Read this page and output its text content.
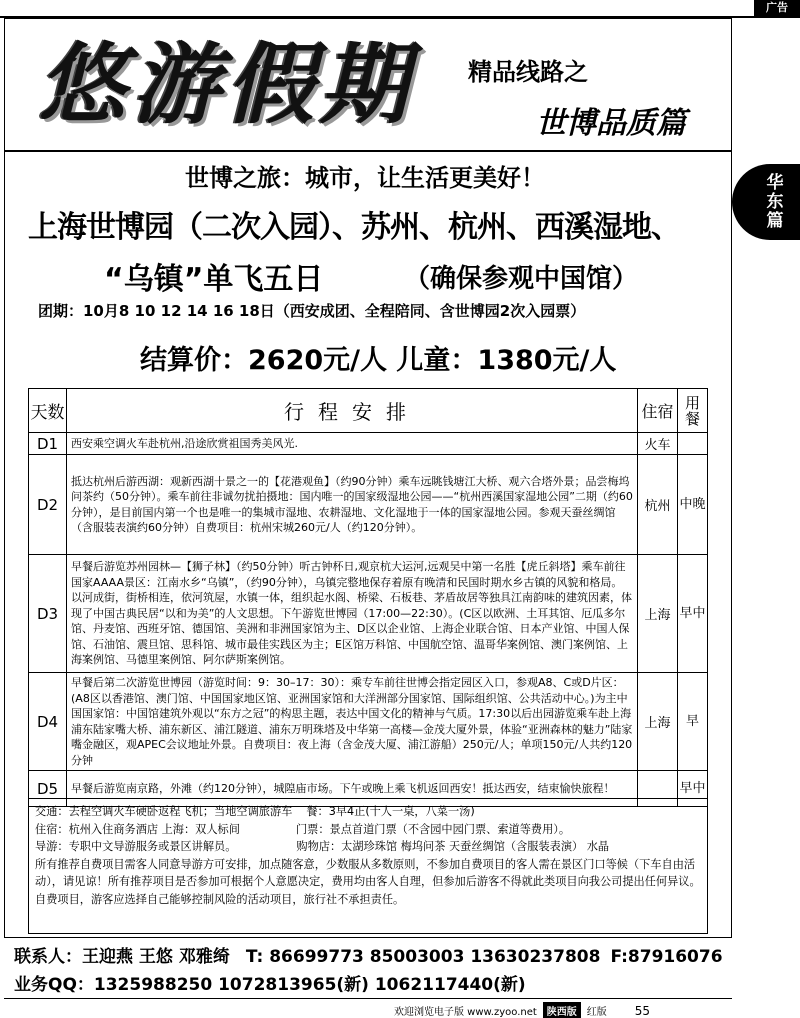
广告
悠游假期	精品线路之
世博品质篇
华
东
篇
世博之旅：城市，让生活更美好！
上海世博园（二次入园）、苏州、杭州、西溪湿地、
“乌镇”单飞五日	（确保参观中国馆）
团期：10月8 10 12 14 16 18日（西安成团、全程陪同、含世博园2次入园票）
结算价：2620元/人 儿童：1380元/人
天数	行程安排	住宿	用餐
D1	西安乘空调火车赴杭州,沿途欣赏祖国秀美风光.	火车	
D2	抵达杭州后游西湖：观新西湖十景之一的【花港观鱼】（约90分钟）乘车远眺钱塘江大桥、观六合塔外景；品尝梅坞问茶约（50分钟）。乘车前往非诚勿扰拍摄地：国内唯一的国家级湿地公园——“杭州西溪国家湿地公园”二期（约60分钟），是目前国内第一个也是唯一的集城市湿地、农耕湿地、文化湿地于一体的国家湿地公园。参观天蚕丝绸馆（含服装表演约60分钟）自费项目：杭州宋城260元/人（约120分钟）。	杭州	中晚
D3	早餐后游览苏州园林—【狮子林】（约50分钟）听古钟杯日,观京杭大运河,远观吴中第一名胜【虎丘斜塔】乘车前往国家AAAA景区：江南水乡“乌镇”，（约90分钟），乌镇完整地保存着原有晚清和民国时期水乡古镇的风貌和格局。以河成街，街桥相连，依河筑屋，水镇一体，组织起水阁、桥梁、石板巷、茅盾故居等独具江南韵味的建筑因素，体现了中国古典民居“以和为美”的人文思想。下午游览世博园（17:00—22:30）。(C区以欧洲、土耳其馆、厄瓜多尔馆、丹麦馆、西班牙馆、德国馆、美洲和非洲国家馆为主、D区以企业馆、上海企业联合馆、日本产业馆、中国人保馆、石油馆、震旦馆、思科馆、城市最佳实践区为主；E区馆万科馆、中国航空馆、温哥华案例馆、澳门案例馆、上海案例馆、马德里案例馆、阿尔萨斯案例馆。	上海	早中
D4	早餐后第二次游览世博园（游览时间：9：30–17：30）：乘专车前往世博会指定园区入口，参观A8、C或D片区：(A8区以香港馆、澳门馆、中国国家地区馆、亚洲国家馆和大洋洲部分国家馆、国际组织馆、公共活动中心。)为主中国国家馆：中国馆建筑外观以“东方之冠”的构思主题，表达中国文化的精神与气质。17:30以后出园游览乘车赴上海浦东陆家嘴大桥、浦东新区、浦江隧道、浦东万明珠塔及中华第一高楼—金茂大厦外景，体验“亚洲森林的魅力”陆家嘴金融区，观APEC会议地址外景。自费项目：夜上海（含金茂大厦、浦江游船）250元/人；单项150元/人共约120分钟	上海	早
D5	早餐后游览南京路，外滩（约120分钟），城隍庙市场。下午或晚上乘飞机返回西安！抵达西安，结束愉快旅程！		早中
交通：去程空调火车硬卧返程飞机；当地空调旅游车 餐：3早4正(十人一桌，八菜一汤)
住宿：杭州入住商务酒店 上海：双人标间	门票：景点首道门票（不含园中园门票、索道等费用）。
导游：专职中文导游服务或景区讲解员。	购物店：太湖珍珠馆 梅坞问茶 天蚕丝绸馆（含服装表演） 水晶
所有推荐自费项目需客人同意导游方可安排，加点随客意，少数服从多数原则，不参加自费项目的客人需在景区门口等候（下车自由活动），请见谅！所有推荐项目是否参加可根据个人意愿决定，费用均由客人自理，但参加后游客不得就此类项目向我公司提出任何异议。自费项目，游客应选择自己能够控制风险的活动项目，旅行社不承担责任。
联系人：王迎燕 王悠 邓雅绮 T: 86699773 85003003 13630237808 F:87916076
业务QQ：1325988250 1072813965(新) 1062117440(新)
欢迎浏览电子版 www.zyoo.net	陕西版	红版 55
